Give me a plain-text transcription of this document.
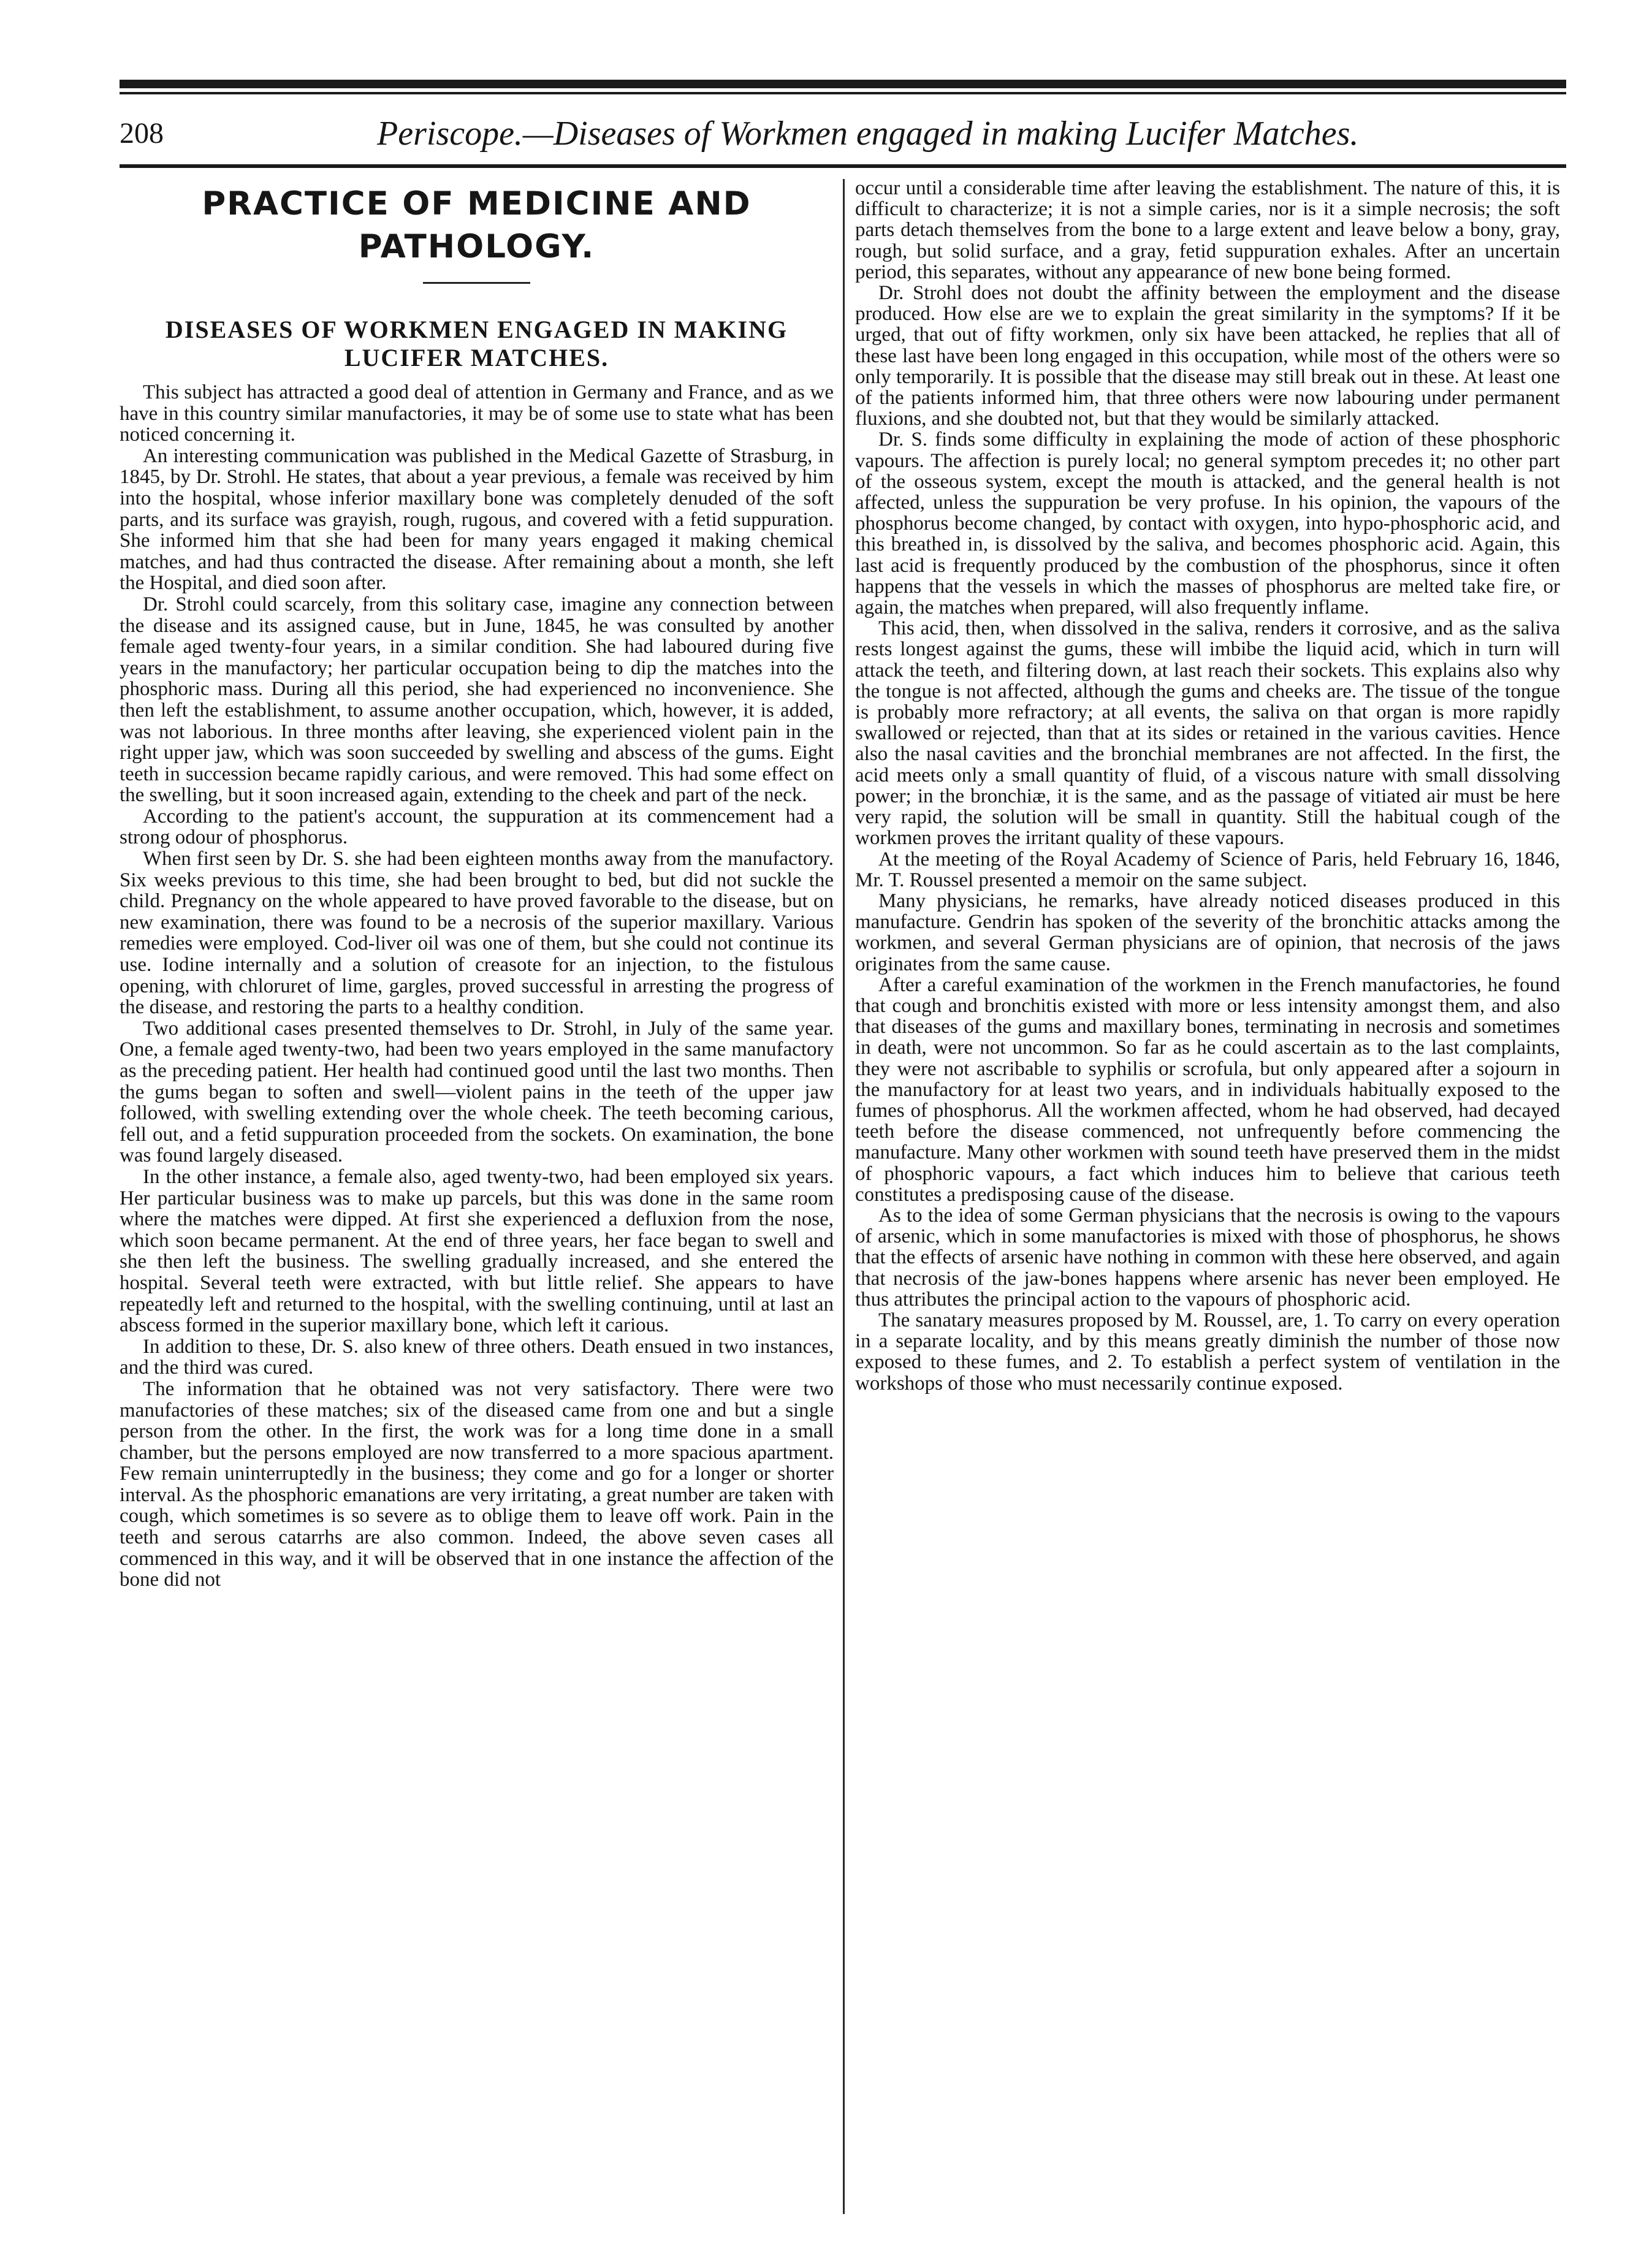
208	Periscope.—Diseases of Workmen engaged in making Lucifer Matches.
PRACTICE OF MEDICINE AND PATHOLOGY.
DISEASES OF WORKMEN ENGAGED IN MAKING LUCIFER MATCHES.

This subject has attracted a good deal of attention in Germany and France, and as we have in this country similar manufactories, it may be of some use to state what has been noticed concerning it.

An interesting communication was published in the Medical Gazette of Strasburg, in 1845, by Dr. Strohl. He states, that about a year previous, a female was received by him into the hospital, whose inferior maxillary bone was completely denuded of the soft parts, and its surface was grayish, rough, rugous, and covered with a fetid suppuration. She informed him that she had been for many years engaged it making chemical matches, and had thus contracted the disease. After remaining about a month, she left the Hospital, and died soon after.

Dr. Strohl could scarcely, from this solitary case, imagine any connection between the disease and its assigned cause, but in June, 1845, he was consulted by another female aged twenty-four years, in a similar condition. She had laboured during five years in the manufactory; her particular occupation being to dip the matches into the phosphoric mass. During all this period, she had experienced no inconvenience. She then left the establishment, to assume another occupation, which, however, it is added, was not laborious. In three months after leaving, she experienced violent pain in the right upper jaw, which was soon succeeded by swelling and abscess of the gums. Eight teeth in succession became rapidly carious, and were removed. This had some effect on the swelling, but it soon increased again, extending to the cheek and part of the neck.

According to the patient's account, the suppuration at its commencement had a strong odour of phosphorus.

When first seen by Dr. S. she had been eighteen months away from the manufactory. Six weeks previous to this time, she had been brought to bed, but did not suckle the child. Pregnancy on the whole appeared to have proved favorable to the disease, but on new examination, there was found to be a necrosis of the superior maxillary. Various remedies were employed. Cod-liver oil was one of them, but she could not continue its use. Iodine internally and a solution of creasote for an injection, to the fistulous opening, with chloruret of lime, gargles, proved successful in arresting the progress of the disease, and restoring the parts to a healthy condition.

Two additional cases presented themselves to Dr. Strohl, in July of the same year. One, a female aged twenty-two, had been two years employed in the same manufactory as the preceding patient. Her health had continued good until the last two months. Then the gums began to soften and swell—violent pains in the teeth of the upper jaw followed, with swelling extending over the whole cheek. The teeth becoming carious, fell out, and a fetid suppuration proceeded from the sockets. On examination, the bone was found largely diseased.

In the other instance, a female also, aged twenty-two, had been employed six years. Her particular business was to make up parcels, but this was done in the same room where the matches were dipped. At first she experienced a defluxion from the nose, which soon became permanent. At the end of three years, her face began to swell and she then left the business. The swelling gradually increased, and she entered the hospital. Several teeth were extracted, with but little relief. She appears to have repeatedly left and returned to the hospital, with the swelling continuing, until at last an abscess formed in the superior maxillary bone, which left it carious.

In addition to these, Dr. S. also knew of three others. Death ensued in two instances, and the third was cured.

The information that he obtained was not very satisfactory. There were two manufactories of these matches; six of the diseased came from one and but a single person from the other. In the first, the work was for a long time done in a small chamber, but the persons employed are now transferred to a more spacious apartment. Few remain uninterruptedly in the business; they come and go for a longer or shorter interval. As the phosphoric emanations are very irritating, a great number are taken with cough, which sometimes is so severe as to oblige them to leave off work. Pain in the teeth and serous catarrhs are also common. Indeed, the above seven cases all commenced in this way, and it will be observed that in one instance the affection of the bone did not

occur until a considerable time after leaving the establishment. The nature of this, it is difficult to characterize; it is not a simple caries, nor is it a simple necrosis; the soft parts detach themselves from the bone to a large extent and leave below a bony, gray, rough, but solid surface, and a gray, fetid suppuration exhales. After an uncertain period, this separates, without any appearance of new bone being formed.

Dr. Strohl does not doubt the affinity between the employment and the disease produced. How else are we to explain the great similarity in the symptoms? If it be urged, that out of fifty workmen, only six have been attacked, he replies that all of these last have been long engaged in this occupation, while most of the others were so only temporarily. It is possible that the disease may still break out in these. At least one of the patients informed him, that three others were now labouring under permanent fluxions, and she doubted not, but that they would be similarly attacked.

Dr. S. finds some difficulty in explaining the mode of action of these phosphoric vapours. The affection is purely local; no general symptom precedes it; no other part of the osseous system, except the mouth is attacked, and the general health is not affected, unless the suppuration be very profuse. In his opinion, the vapours of the phosphorus become changed, by contact with oxygen, into hypo-phosphoric acid, and this breathed in, is dissolved by the saliva, and becomes phosphoric acid. Again, this last acid is frequently produced by the combustion of the phosphorus, since it often happens that the vessels in which the masses of phosphorus are melted take fire, or again, the matches when prepared, will also frequently inflame.

This acid, then, when dissolved in the saliva, renders it corrosive, and as the saliva rests longest against the gums, these will imbibe the liquid acid, which in turn will attack the teeth, and filtering down, at last reach their sockets. This explains also why the tongue is not affected, although the gums and cheeks are. The tissue of the tongue is probably more refractory; at all events, the saliva on that organ is more rapidly swallowed or rejected, than that at its sides or retained in the various cavities. Hence also the nasal cavities and the bronchial membranes are not affected. In the first, the acid meets only a small quantity of fluid, of a viscous nature with small dissolving power; in the bronchiæ, it is the same, and as the passage of vitiated air must be here very rapid, the solution will be small in quantity. Still the habitual cough of the workmen proves the irritant quality of these vapours.

At the meeting of the Royal Academy of Science of Paris, held February 16, 1846, Mr. T. Roussel presented a memoir on the same subject.

Many physicians, he remarks, have already noticed diseases produced in this manufacture. Gendrin has spoken of the severity of the bronchitic attacks among the workmen, and several German physicians are of opinion, that necrosis of the jaws originates from the same cause.

After a careful examination of the workmen in the French manufactories, he found that cough and bronchitis existed with more or less intensity amongst them, and also that diseases of the gums and maxillary bones, terminating in necrosis and sometimes in death, were not uncommon. So far as he could ascertain as to the last complaints, they were not ascribable to syphilis or scrofula, but only appeared after a sojourn in the manufactory for at least two years, and in individuals habitually exposed to the fumes of phosphorus. All the workmen affected, whom he had observed, had decayed teeth before the disease commenced, not unfrequently before commencing the manufacture. Many other workmen with sound teeth have preserved them in the midst of phosphoric vapours, a fact which induces him to believe that carious teeth constitutes a predisposing cause of the disease.

As to the idea of some German physicians that the necrosis is owing to the vapours of arsenic, which in some manufactories is mixed with those of phosphorus, he shows that the effects of arsenic have nothing in common with these here observed, and again that necrosis of the jaw-bones happens where arsenic has never been employed. He thus attributes the principal action to the vapours of phosphoric acid.

The sanatary measures proposed by M. Roussel, are, 1. To carry on every operation in a separate locality, and by this means greatly diminish the number of those now exposed to these fumes, and 2. To establish a perfect system of ventilation in the workshops of those who must necessarily continue exposed.
